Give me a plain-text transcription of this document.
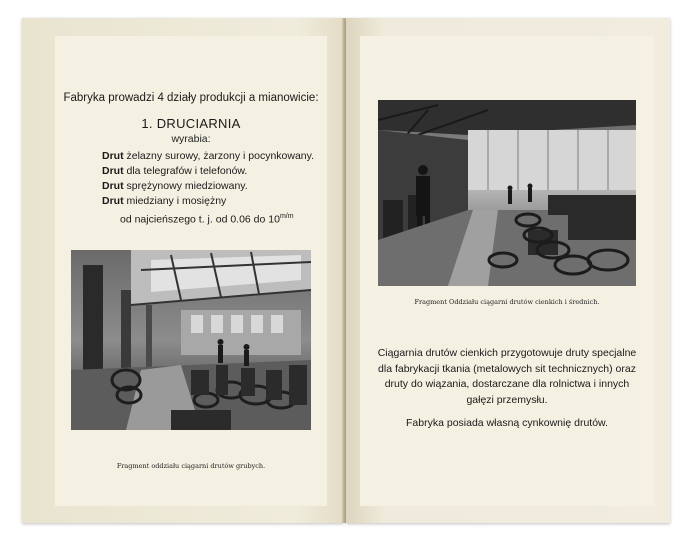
Fabryka prowadzi 4 działy produkcji a mianowicie:
1. DRUCIARNIA
wyrabia:
Drut żelazny surowy, żarzony i pocynkowany.
Drut dla telegrafów i telefonów.
Drut sprężynowy miedziowany.
Drut miedziany i mosiężny
od najcieńszego t. j. od 0.06 do $10^{m/m}$
Fragment oddziału ciągarni drutów grubych.
Fragment Oddziału ciągarni drutów cienkich i średnich.
Ciągarnia drutów cienkich przygotowuje druty specjalne
dla fabrykacji tkania (metalowych sit technicznych) oraz
druty do wiązania, dostarczane dla rolnictwa i innych
gałęzi przemysłu.
Fabryka posiada własną cynkownię drutów.
